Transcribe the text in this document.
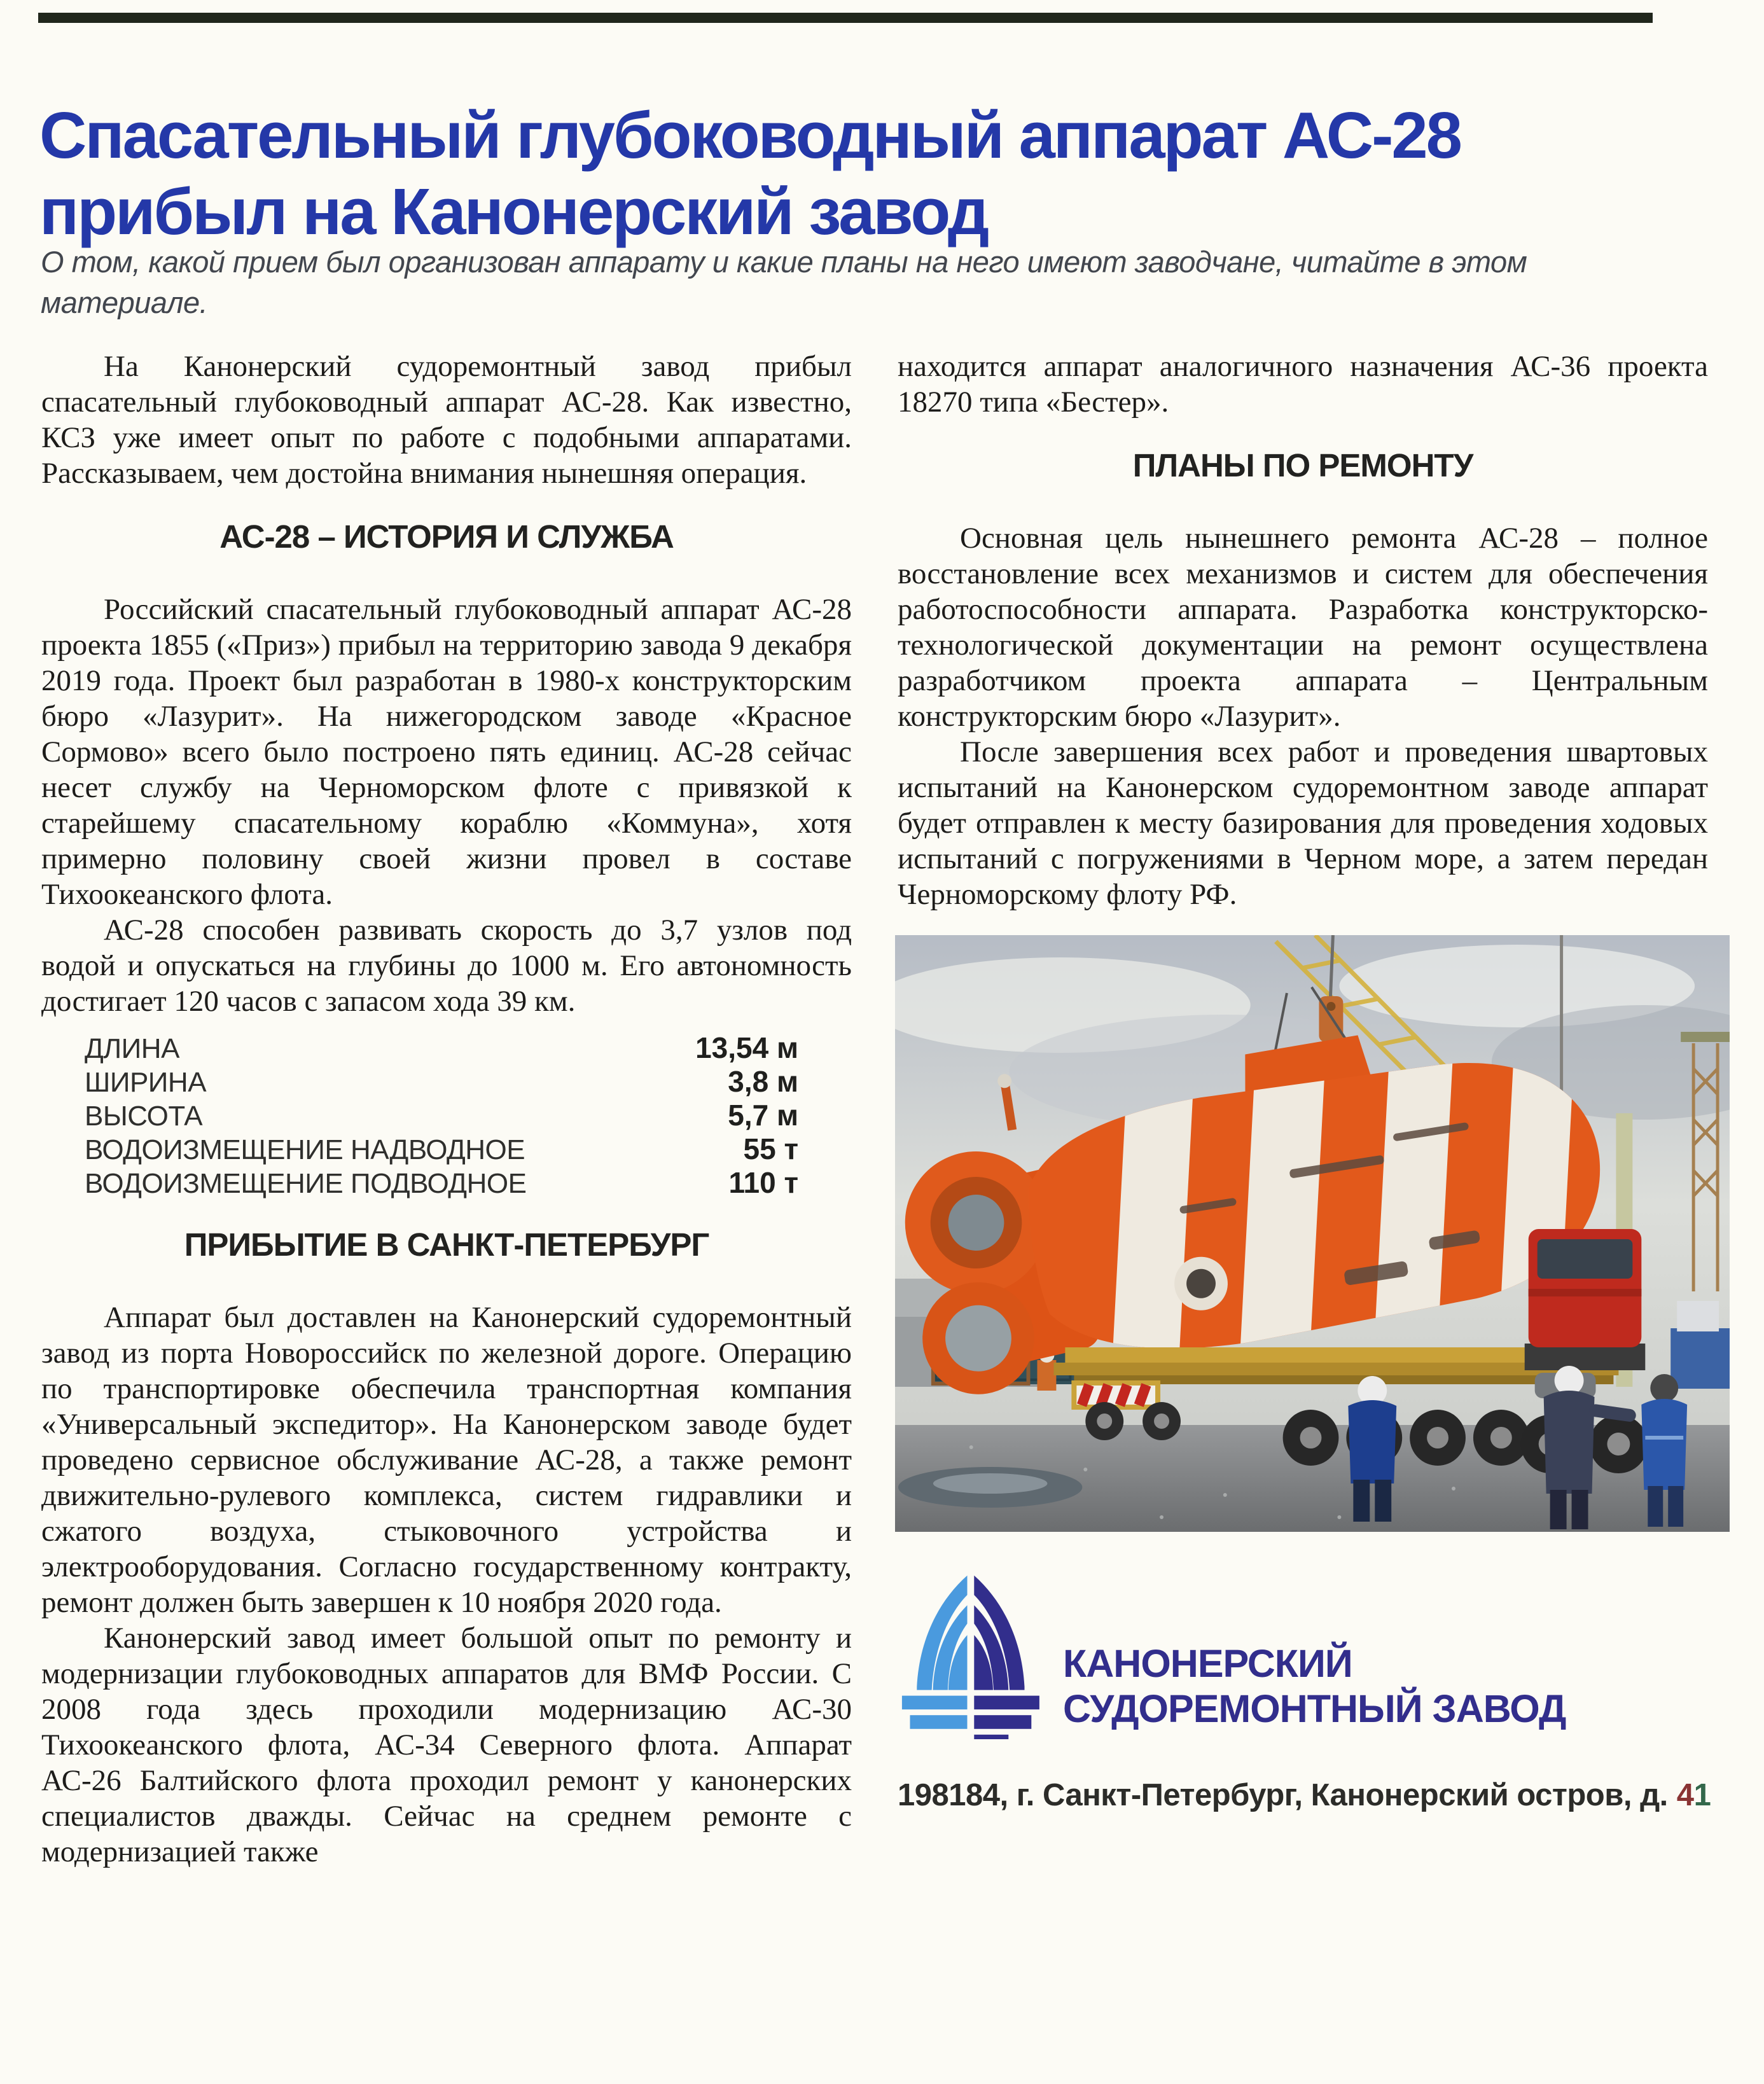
Спасательный глубоководный аппарат АС-28
прибыл на Канонерский завод
О том, какой прием был организован аппарату и какие планы на него имеют заводчане, читайте в этом материале.

На Канонерский судоремонтный завод прибыл спасательный глубоководный аппарат АС-28. Как известно, КСЗ уже имеет опыт по работе с подобными аппаратами. Рассказываем, чем достойна внимания нынешняя операция.

АС-28 – ИСТОРИЯ И СЛУЖБА

Российский спасательный глубоководный аппарат АС-28 проекта 1855 («Приз») прибыл на территорию завода 9 декабря 2019 года. Проект был разработан в 1980-х конструкторским бюро «Лазурит». На нижегородском заводе «Красное Сормово» всего было построено пять единиц. АС-28 сейчас несет службу на Черноморском флоте с привязкой к старейшему спасательному кораблю «Коммуна», хотя примерно половину своей жизни провел в составе Тихоокеанского флота.

АС-28 способен развивать скорость до 3,7 узлов под водой и опускаться на глубины до 1000 м. Его автономность достигает 120 часов с запасом хода 39 км.

ДЛИНА	13,54 м
ШИРИНА	3,8 м
ВЫСОТА	5,7 м
ВОДОИЗМЕЩЕНИЕ НАДВОДНОЕ	55 т
ВОДОИЗМЕЩЕНИЕ ПОДВОДНОЕ	110 т
ПРИБЫТИЕ В САНКТ-ПЕТЕРБУРГ

Аппарат был доставлен на Канонерский судоремонтный завод из порта Новороссийск по железной дороге. Операцию по транспортировке обеспечила транспортная компания «Универсальный экспедитор». На Канонерском заводе будет проведено сервисное обслуживание АС-28, а также ремонт движительно-рулевого комплекса, систем гидравлики и сжатого воздуха, стыковочного устройства и электрооборудования. Согласно государственному контракту, ремонт должен быть завершен к 10 ноября 2020 года.

Канонерский завод имеет большой опыт по ремонту и модернизации глубоководных аппаратов для ВМФ России. С 2008 года здесь проходили модернизацию АС-30 Тихоокеанского флота, АС-34 Северного флота. Аппарат АС-26 Балтийского флота проходил ремонт у канонерских специалистов дважды. Сейчас на среднем ремонте с модернизацией также

находится аппарат аналогичного назначения АС-36 проекта 18270 типа «Бестер».

ПЛАНЫ ПО РЕМОНТУ

Основная цель нынешнего ремонта АС-28 – полное восстановление всех механизмов и систем для обеспечения работоспособности аппарата. Разработка конструкторско-технологической документации на ремонт осуществлена разработчиком проекта аппарата – Центральным конструкторским бюро «Лазурит».

После завершения всех работ и проведения швартовых испытаний на Канонерском судоремонтном заводе аппарат будет отправлен к месту базирования для проведения ходовых испытаний с погружениями в Черном море, а затем передан Черноморскому флоту РФ.

КАНОНЕРСКИЙ
СУДОРЕМОНТНЫЙ ЗАВОД
198184, г. Санкт-Петербург, Канонерский остров, д. 41
